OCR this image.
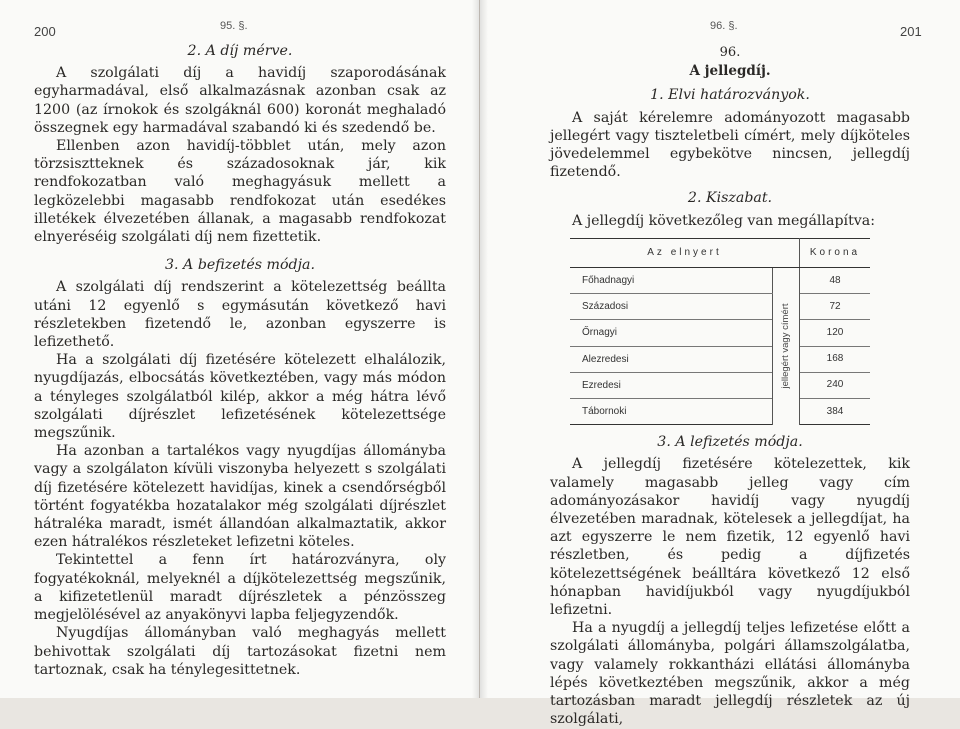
200	95. §.
2. A díj mérve.

A szolgálati díj a havidíj szaporodásának egyharmadával, első alkalmazásnak azonban csak az 1200 (az írnokok és szolgáknál 600) koronát meghaladó összegnek egy harmadával szabandó ki és szedendő be.

Ellenben azon havidíj-többlet után, mely azon törzsisztteknek és századosoknak jár, kik rendfokozatban való meghagyásuk mellett a legközelebbi magasabb rendfokozat után esedékes illetékek élvezetében állanak, a magasabb rendfokozat elnyeréséig szolgálati díj nem fizettetik.

3. A befizetés módja.

A szolgálati díj rendszerint a kötelezettség beállta utáni 12 egyenlő s egymásután következő havi részletekben fizetendő le, azonban egyszerre is lefizethető.

Ha a szolgálati díj fizetésére kötelezett elhalálozik, nyugdíjazás, elbocsátás következtében, vagy más módon a tényleges szolgálatból kilép, akkor a még hátra lévő szolgálati díjrészlet lefizetésének kötelezettsége megszűnik.

Ha azonban a tartalékos vagy nyugdíjas állományba vagy a szolgálaton kívüli viszonyba helyezett s szolgálati díj fizetésére kötelezett havidíjas, kinek a csendőrségből történt fogyatékba hozatalakor még szolgálati díjrészlet hátraléka maradt, ismét állandóan alkalmaztatik, akkor ezen hátralékos részleteket lefizetni köteles.

Tekintettel a fenn írt határozványra, oly fogyatékoknál, melyeknél a díjkötelezettség megszűnik, a kifizetetlenül maradt díjrészletek a pénzösszeg megjelölésével az anyakönyvi lapba feljegyzendők.

Nyugdíjas állományban való meghagyás mellett behivottak szolgálati díj tartozásokat fizetni nem tartoznak, csak ha ténylegesittetnek.

96. §.	201
96.
A jellegdíj.
1. Elvi határozványok.

A saját kérelemre adományozott magasabb jellegért vagy tiszteletbeli címért, mely díjköteles jövedelemmel egybekötve nincsen, jellegdíj fizetendő.

2. Kiszabat.

A jellegdíj következőleg van megállapítva:

Az elnyert		Korona
Főhadnagyi	jellegért vagy címért	48
Századosi		72
Őrnagyi		120
Alezredesi		168
Ezredesi		240
Tábornoki		384
3. A lefizetés módja.

A jellegdíj fizetésére kötelezettek, kik valamely magasabb jelleg vagy cím adományozásakor havidíj vagy nyugdíj élvezetében maradnak, kötelesek a jellegdíjat, ha azt egyszerre le nem fizetik, 12 egyenlő havi részletben, és pedig a díjfizetés kötelezettségének beálltára következő 12 első hónapban havidíjukból vagy nyugdíjukból lefizetni.

Ha a nyugdíj a jellegdíj teljes lefizetése előtt a szolgálati állományba, polgári államszolgálatba, vagy valamely rokkantházi ellátási állományba lépés következtében megszűnik, akkor a még tartozásban maradt jellegdíj részletek az új szolgálati,
